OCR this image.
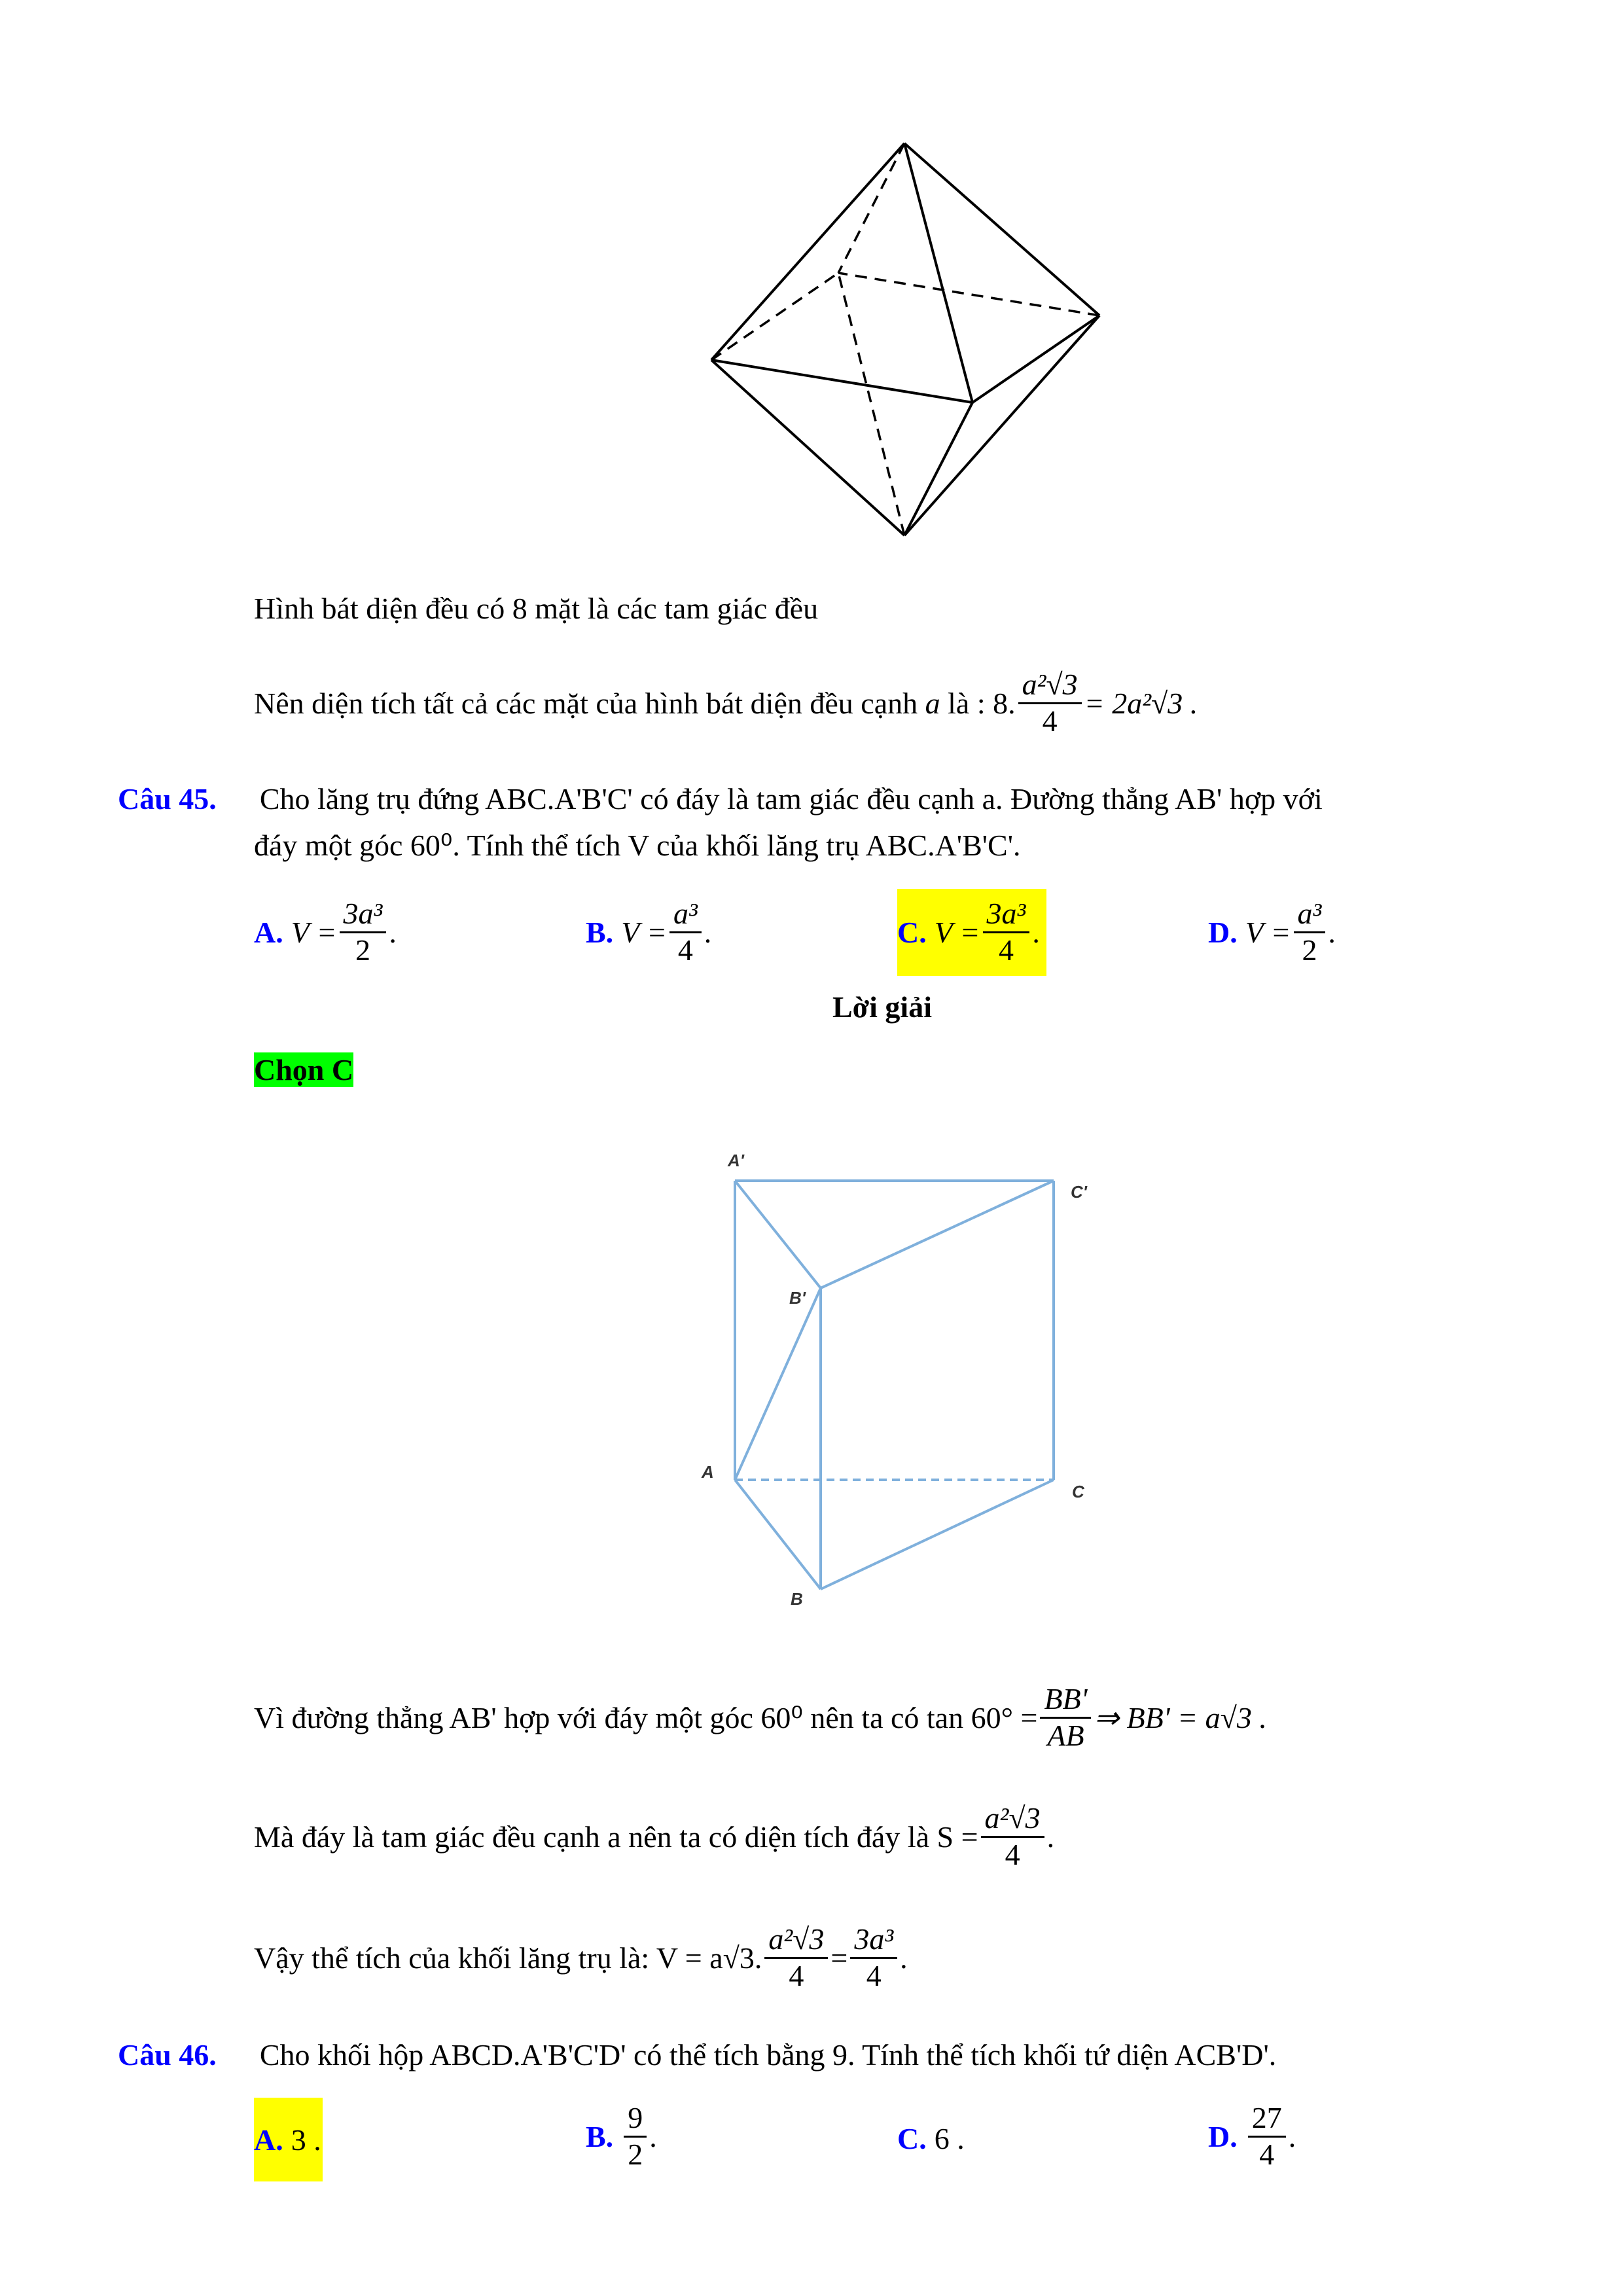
Hình bát diện đều có 8 mặt là các tam giác đều
Nên diện tích tất cả các mặt của hình bát diện đều cạnh
a
là :
8. $\frac{\text{a²√3}}{4} = 2a^2√3$ .
Câu 45. Cho lăng trụ đứng ABC.A'B'C' có đáy là tam giác đều cạnh a. Đường thẳng AB' hợp với
đáy một góc 60⁰. Tính thể tích V của khối lăng trụ ABC.A'B'C'.
A. $V = \frac{\text{3a³}}{2}$ .	B. $V = \frac{\text{a³}}{4}$ .	C. $V = \frac{\text{3a³}}{4}$ .	D. $V = \frac{\text{a³}}{2}$ .
Lời giải
Chọn C
A'
C'
B'
A
C
B
Vì đường thẳng AB' hợp với đáy một góc 60⁰ nên ta có $\tan 60^\circ = \frac{BB'}{AB}$ ⇒ BB' = a√3 .
Mà đáy là tam giác đều cạnh a nên ta có diện tích đáy là $S = \frac{\text{a²√3}}{4}$ .
Vậy thể tích của khối lăng trụ là: V = a√3. $\frac{\text{a²√3}}{4} = \frac{\text{3a³}}{4}$ .
Câu 46. Cho khối hộp ABCD.A'B'C'D' có thể tích bằng 9. Tính thể tích khối tứ diện ACB'D'.
A. 3 .	B. $\frac{9}{2}$ .	C. 6 .	D. $\frac{27}{4}$ .
